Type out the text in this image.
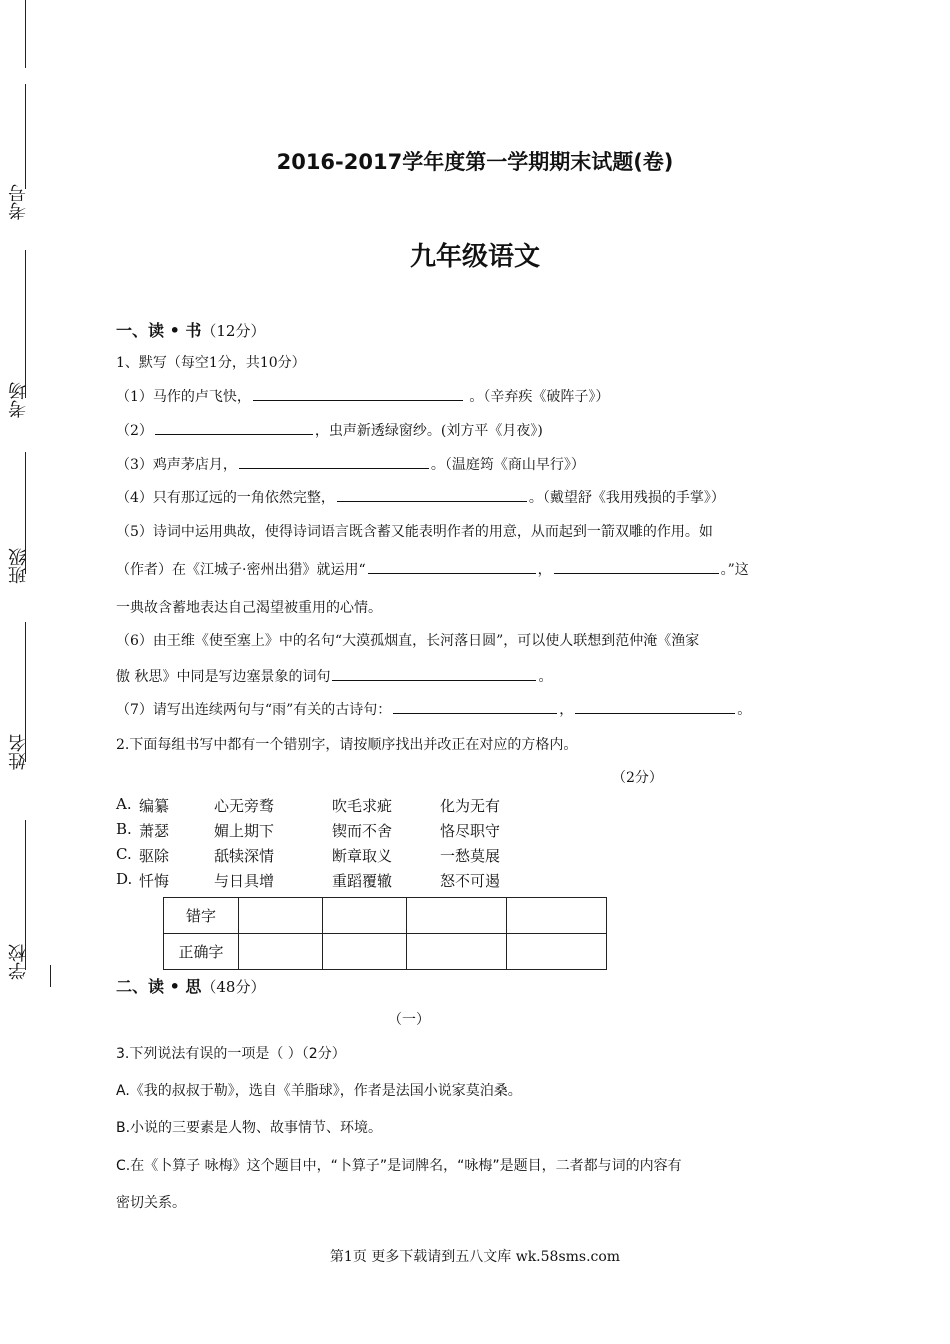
考号
考场
班级
姓名
学校
2016-2017学年度第一学期期末试题(卷)
九年级语文
一、读 • 书（12分）
1、默写（每空1分，共10分）
（1）马作的卢飞快，	。（辛弃疾《破阵子》）
（2）	，虫声新透绿窗纱。(刘方平《月夜》)
（3）鸡声茅店月，	。（温庭筠《商山早行》）
（4）只有那辽远的一角依然完整，	。（戴望舒《我用残损的手掌》）
（5）诗词中运用典故，使得诗词语言既含蓄又能表明作者的用意，从而起到一箭双雕的作用。如
（作者）在《江城子·密州出猎》就运用“	，	。”这
一典故含蓄地表达自己渴望被重用的心情。
（6）由王维《使至塞上》中的名句“大漠孤烟直，长河落日圆”，可以使人联想到范仲淹《渔家
傲 秋思》中同是写边塞景象的词句	。
（7）请写出连续两句与“雨”有关的古诗句：	，	。
2.下面每组书写中都有一个错别字，请按顺序找出并改正在对应的方格内。
（2分）
A. 编纂	心无旁骛	吹毛求疵	化为无有
B. 萧瑟	媚上期下	锲而不舍	恪尽职守
C. 驱除	舐犊深情	断章取义	一愁莫展
D. 忏悔	与日具增	重蹈覆辙	怒不可遏
错字				
正确字				
二、读 • 思（48分）
（一）
3.下列说法有误的一项是（ ）（2分）
A.《我的叔叔于勒》，选自《羊脂球》，作者是法国小说家莫泊桑。
B.小说的三要素是人物、故事情节、环境。
C.在《卜算子 咏梅》这个题目中，“卜算子”是词牌名，“咏梅”是题目，二者都与词的内容有
密切关系。
第1页 更多下载请到五八文库 wk.58sms.com
